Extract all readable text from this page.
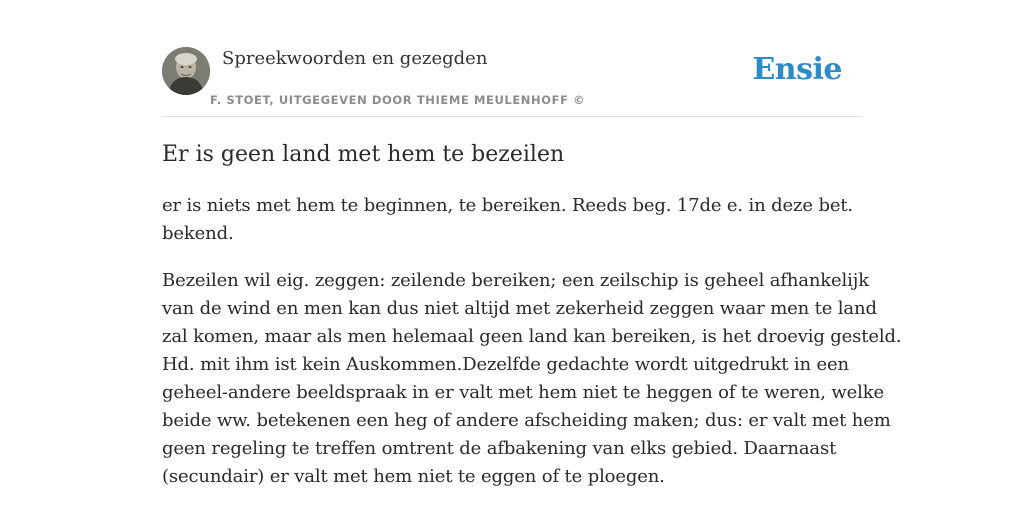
Spreekwoorden en gezegden
F. STOET, UITGEGEVEN DOOR THIEME MEULENHOFF ©
Ensie
Er is geen land met hem te bezeilen

er is niets met hem te beginnen, te bereiken. Reeds beg. 17de e. in deze bet.
bekend.

Bezeilen wil eig. zeggen: zeilende bereiken; een zeilschip is geheel afhankelijk
van de wind en men kan dus niet altijd met zekerheid zeggen waar men te land
zal komen, maar als men helemaal geen land kan bereiken, is het droevig gesteld.
Hd. mit ihm ist kein Auskommen.Dezelfde gedachte wordt uitgedrukt in een
geheel-andere beeldspraak in er valt met hem niet te heggen of te weren, welke
beide ww. betekenen een heg of andere afscheiding maken; dus: er valt met hem
geen regeling te treffen omtrent de afbakening van elks gebied. Daarnaast
(secundair) er valt met hem niet te eggen of te ploegen.
